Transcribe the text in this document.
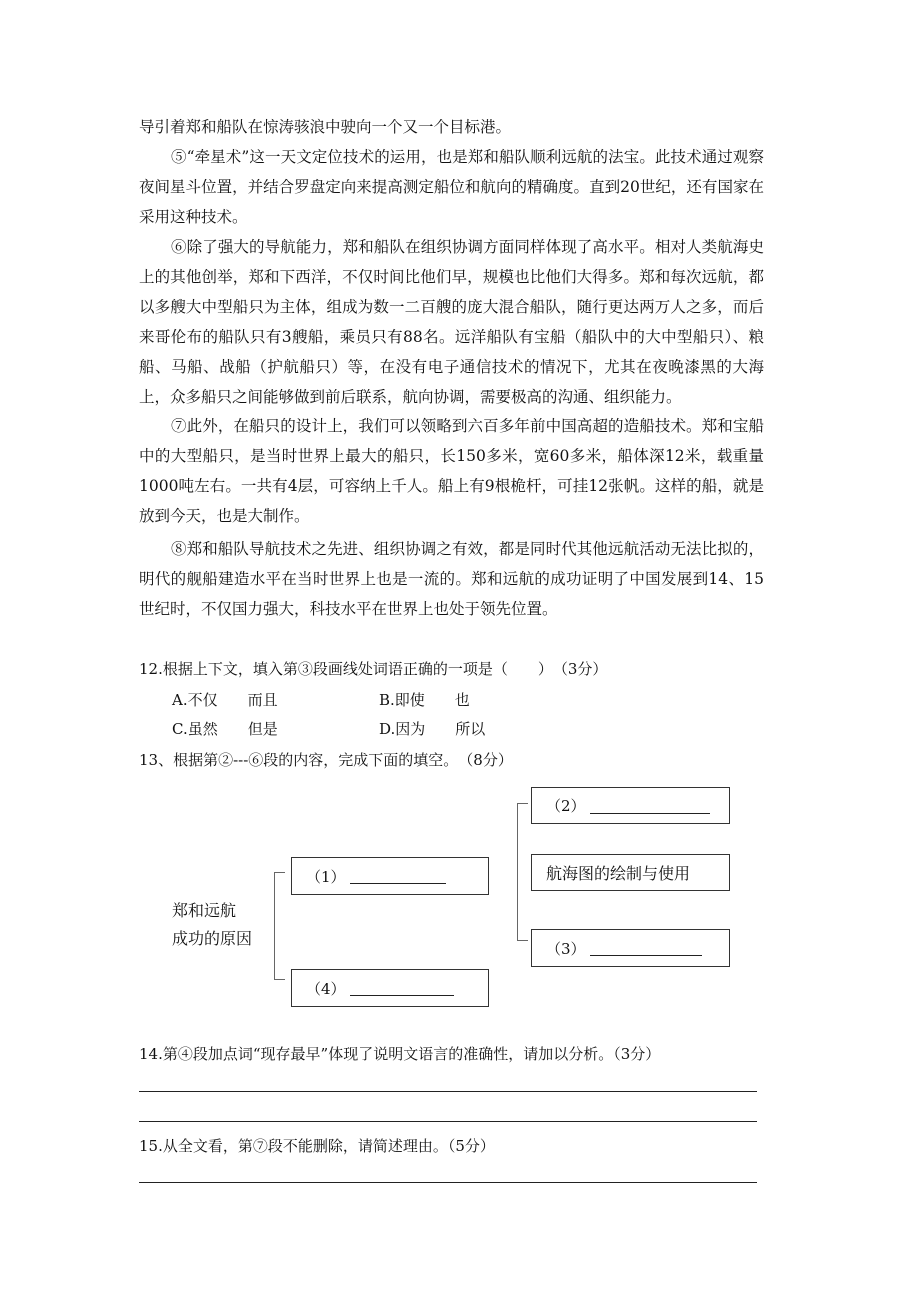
导引着郑和船队在惊涛骇浪中驶向一个又一个目标港。

⑤“牵星术”这一天文定位技术的运用，也是郑和船队顺利远航的法宝。此技术通过观察夜间星斗位置，并结合罗盘定向来提高测定船位和航向的精确度。直到20世纪，还有国家在采用这种技术。

⑥除了强大的导航能力，郑和船队在组织协调方面同样体现了高水平。相对人类航海史上的其他创举，郑和下西洋，不仅时间比他们早，规模也比他们大得多。郑和每次远航，都以多艘大中型船只为主体，组成为数一二百艘的庞大混合船队，随行更达两万人之多，而后来哥伦布的船队只有3艘船，乘员只有88名。远洋船队有宝船（船队中的大中型船只）、粮船、马船、战船（护航船只）等，在没有电子通信技术的情况下，尤其在夜晚漆黑的大海上，众多船只之间能够做到前后联系，航向协调，需要极高的沟通、组织能力。

⑦此外，在船只的设计上，我们可以领略到六百多年前中国高超的造船技术。郑和宝船中的大型船只，是当时世界上最大的船只，长150多米，宽60多米，船体深12米，载重量1000吨左右。一共有4层，可容纳上千人。船上有9根桅杆，可挂12张帆。这样的船，就是放到今天，也是大制作。

⑧郑和船队导航技术之先进、组织协调之有效，都是同时代其他远航活动无法比拟的，明代的舰船建造水平在当时世界上也是一流的。郑和远航的成功证明了中国发展到14、15世纪时，不仅国力强大，科技水平在世界上也处于领先位置。

12.根据上下文，填入第③段画线处词语正确的一项是（　　）　（3分）
A.不仅　　而且	B.即使　　也
C.虽然　　但是	D.因为　　所以
13、根据第②---⑥段的内容，完成下面的填空。　（8分）
郑和远航
成功的原因
（1）
（4）
（2）
航海图的绘制与使用
（3）
14.第④段加点词“现存最早”体现了说明文语言的准确性，请加以分析。（3分）
15.从全文看，第⑦段不能删除，请简述理由。（5分）
